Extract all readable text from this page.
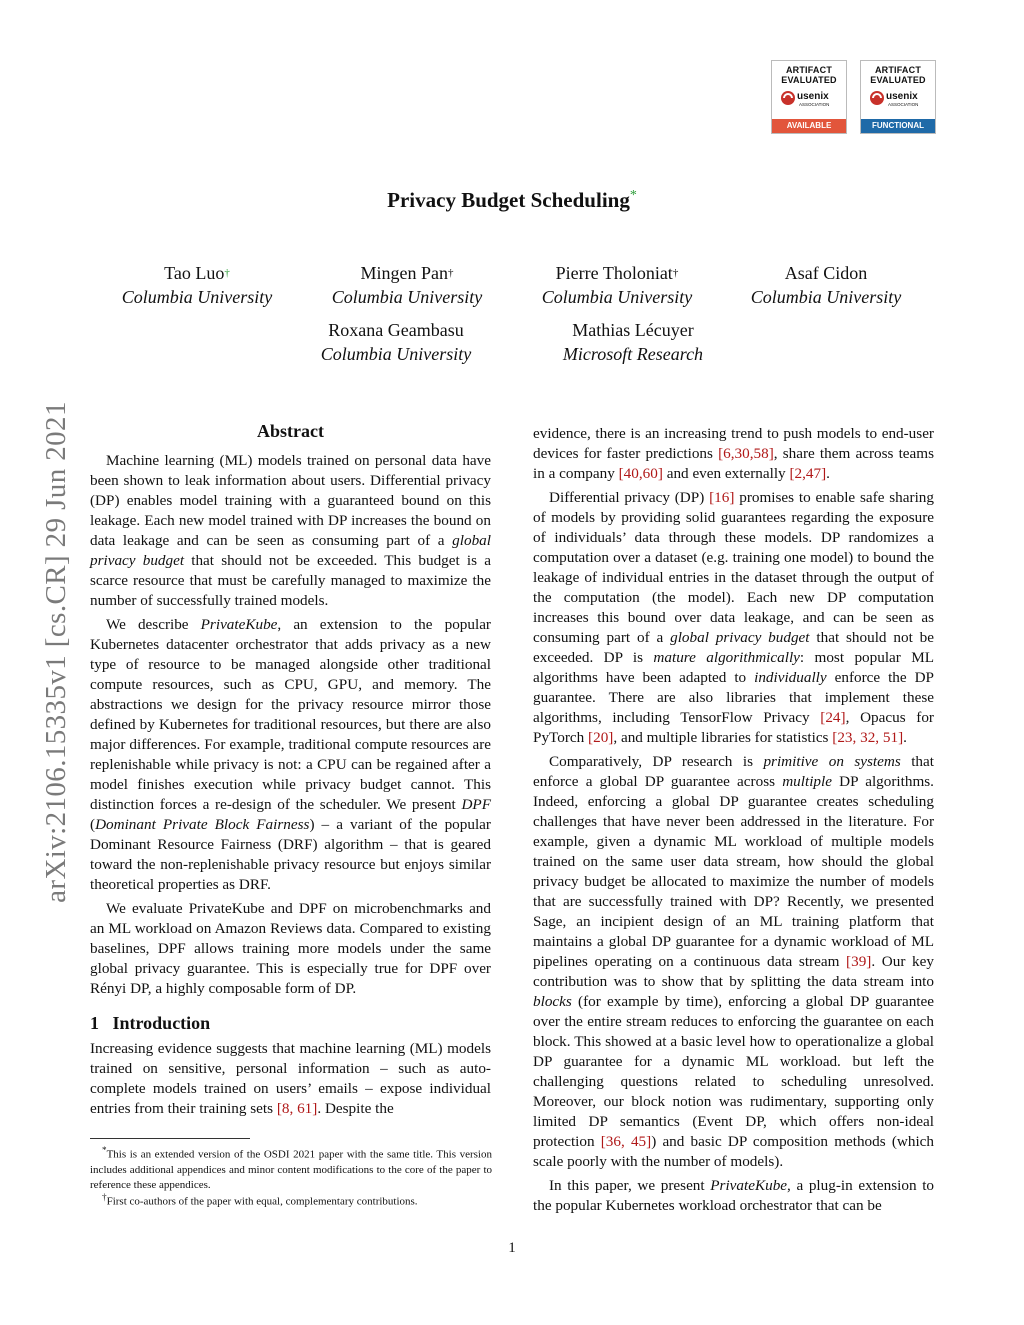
ARTIFACT
EVALUATED
usenix
ASSOCIATION
AVAILABLE
ARTIFACT
EVALUATED
usenix
ASSOCIATION
FUNCTIONAL
arXiv:2106.15335v1 [cs.CR] 29 Jun 2021
Privacy Budget Scheduling*
Tao Luo†
Columbia University
Mingen Pan†
Columbia University
Pierre Tholoniat†
Columbia University
Asaf Cidon
Columbia University
Roxana Geambasu
Columbia University
Mathias Lécuyer
Microsoft Research
Abstract

Machine learning (ML) models trained on personal data have been shown to leak information about users. Differential privacy (DP) enables model training with a guaranteed bound on this leakage. Each new model trained with DP increases the bound on data leakage and can be seen as consuming part of a global privacy budget that should not be exceeded. This budget is a scarce resource that must be carefully managed to maximize the number of successfully trained models.

We describe PrivateKube, an extension to the popular Kubernetes datacenter orchestrator that adds privacy as a new type of resource to be managed alongside other traditional compute resources, such as CPU, GPU, and memory. The abstractions we design for the privacy resource mirror those defined by Kubernetes for traditional resources, but there are also major differences. For example, traditional compute resources are replenishable while privacy is not: a CPU can be regained after a model finishes execution while privacy budget cannot. This distinction forces a re-design of the scheduler. We present DPF (Dominant Private Block Fairness) – a variant of the popular Dominant Resource Fairness (DRF) algorithm – that is geared toward the non-replenishable privacy resource but enjoys similar theoretical properties as DRF.

We evaluate PrivateKube and DPF on microbenchmarks and an ML workload on Amazon Reviews data. Compared to existing baselines, DPF allows training more models under the same global privacy guarantee. This is especially true for DPF over Rényi DP, a highly composable form of DP.

1 Introduction

Increasing evidence suggests that machine learning (ML) models trained on sensitive, personal information – such as auto-complete models trained on users’ emails – expose individual entries from their training sets [8, 61]. Despite the

*This is an extended version of the OSDI 2021 paper with the same title. This version includes additional appendices and minor content modifications to the core of the paper to reference these appendices.
†First co-authors of the paper with equal, complementary contributions.

evidence, there is an increasing trend to push models to end-user devices for faster predictions [6,30,58], share them across teams in a company [40,60] and even externally [2,47].

Differential privacy (DP) [16] promises to enable safe sharing of models by providing solid guarantees regarding the exposure of individuals’ data through these models. DP randomizes a computation over a dataset (e.g. training one model) to bound the leakage of individual entries in the dataset through the output of the computation (the model). Each new DP computation increases this bound over data leakage, and can be seen as consuming part of a global privacy budget that should not be exceeded. DP is mature algorithmically: most popular ML algorithms have been adapted to individually enforce the DP guarantee. There are also libraries that implement these algorithms, including TensorFlow Privacy [24], Opacus for PyTorch [20], and multiple libraries for statistics [23, 32, 51].

Comparatively, DP research is primitive on systems that enforce a global DP guarantee across multiple DP algorithms. Indeed, enforcing a global DP guarantee creates scheduling challenges that have never been addressed in the literature. For example, given a dynamic ML workload of multiple models trained on the same user data stream, how should the global privacy budget be allocated to maximize the number of models that are successfully trained with DP? Recently, we presented Sage, an incipient design of an ML training platform that maintains a global DP guarantee for a dynamic workload of ML pipelines operating on a continuous data stream [39]. Our key contribution was to show that by splitting the data stream into blocks (for example by time), enforcing a global DP guarantee over the entire stream reduces to enforcing the guarantee on each block. This showed at a basic level how to operationalize a global DP guarantee for a dynamic ML workload. but left the challenging questions related to scheduling unresolved. Moreover, our block notion was rudimentary, supporting only limited DP semantics (Event DP, which offers non-ideal protection [36, 45]) and basic DP composition methods (which scale poorly with the number of models).

In this paper, we present PrivateKube, a plug-in extension to the popular Kubernetes workload orchestrator that can be

1
